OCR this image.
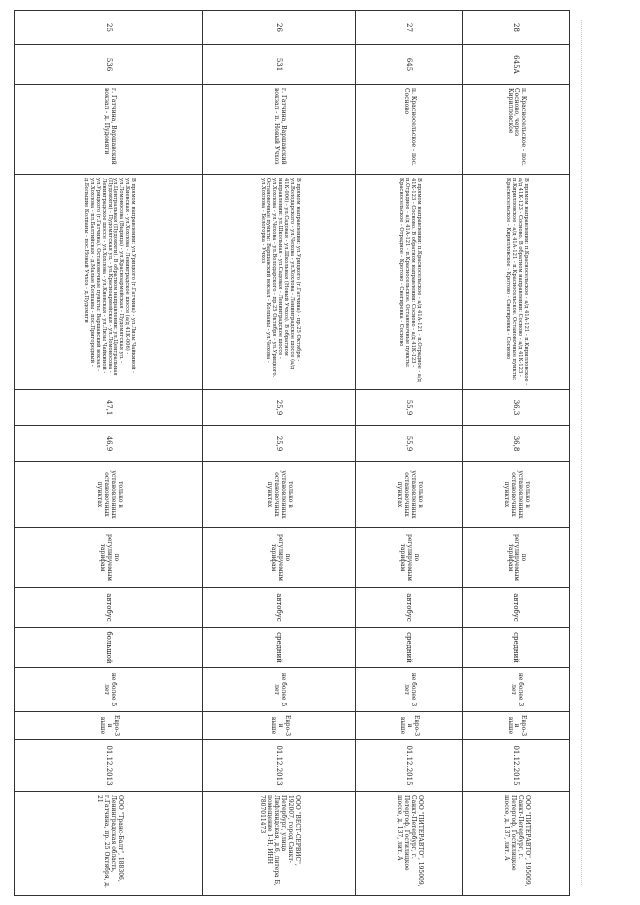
28	645А	п. Красносельское - пос. Сосново, через Кирилловское	В прямом направлении: п.Красносельское - а/д 41А-121 - п.Кирилловское - а/д 41К-123 - Сосново. В обратном направлении: Сосново - а/д 41К-123 - п.Кирилловское - а/д 41А-121 - п.Красносельское. Остановочные пункты: Красносельское - Кирилловское - Кротово - Снегиревка - Сосново	36,3	36,8	только в установленных остановочных пунктах	по регулируемым тарифам	автобус	средний	не более 3 лет	Евро-3 и выше	01.12.2015	ООО "ПИТЕРАВТО", 195009, Санкт-Петербург, г. Петергоф, Гостилицкое шоссе, д. 137, лит. А
27	645	п. Красносельское - пос. Сосново	В прямом направлении: п.Красносельское - а/д 41А-121 - п.Отрадное - а/д 41К-123 - Сосново. В обратном направлении: Сосново - а/д 41К-123 - п.Отрадное - а/д 41А-121 - п.Красносельское. Остановочные пункты: Красносельское - Отрадное - Кротово - Снегиревка - Сосново	55,9	55,9	только в установленных остановочных пунктах	по регулируемым тарифам	автобус	средний	не более 3 лет	Евро-3 и выше	01.12.2015	ООО "ПИТЕРАВТО", 195009, Санкт-Петербург, г. Петергоф, Гостилицкое шоссе, д. 137, лит. А
26	531	г. Гатчина, Варшавский вокзал - п. Новый Учхоз	В прямом направлении: ул.Урицкого (г.Гатчина) - пр.25 Октября - ул.Володарского - ул.Чехова - ул.Хохлова - Ленинградское шоссе (а/д 41К-006) - ул.Садовая - ул.Школьная (Новый Учхоз). В обратном направлении: ул.Школьная - ул.Садовая - Ленинградское шоссе - ул.Хохлова - ул.Чехова - ул.Володарского - пр.25 Октября - ул.Урицкого. Остановочные пункты: Варшавский вокзал - Колпаны - ул.Чехова - ул.Хохлова - Белогорка - Учхоз	25,9	25,9	только в установленных остановочных пунктах	по регулируемым тарифам	автобус	средний	не более 5 лет	Евро-3 и выше	01.12.2013	ООО "ВЕСТ-СЕРВИС", 192007, город Санкт-Петербург, улица Лифляндская, д.6, литера Б, помещение 1-Н, ИНН 7807011473
25	536	г. Гатчина, Варшавский вокзал - д. Пудомяги	В прямом направлении: ул.Урицкого (г.Гатчина) - ул.Лизы Чайкиной - ул.Киевская - ул.Хохлова - Ленинградское шоссе (а/д 41К-006) - ул.Ломоносова (Вырица) - ул.Красноармейская - Пудомягская ул. - ул.Центральная (Пудомяги). В обратном направлении: ул.Центральная (Пудомяги) - Пудомягская ул. - ул.Красноармейская - ул.Ломоносова - Ленинградское шоссе - ул.Хохлова - ул.Киевская - ул.Лизы Чайкиной - ул.Урицкого (г.Гатчина). Остановочные пункты: Варшавский вокзал - ул.Хохлова - пл.Балтийская - д.Малые Колпаны - пос.Пригородный - д.Большие Колпаны - пос.Новый Учхоз - д.Пудомяги	47,1	46,9	только в установленных остановочных пунктах	по регулируемым тарифам	автобус	большой	не более 5 лет	Евро-3 и выше	01.12.2013	ООО "Транс-Балт", 188306, Ленинградская область, г.Гатчина, пр. 25 Октября, д. 21
